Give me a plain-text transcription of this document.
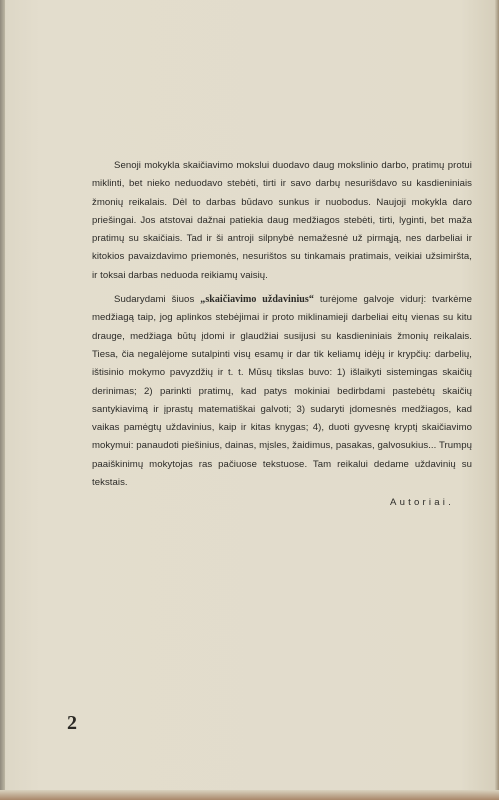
Senoji mokykla skaičiavimo mokslui duodavo daug mokslinio darbo, pratimų protui miklinti, bet nieko neduodavo stebėti, tirti ir savo darbų nesurišdavo su kasdieniniais žmonių reikalais. Dėl to darbas būdavo sunkus ir nuobodus. Naujoji mokykla daro priešingai. Jos atstovai dažnai patiekia daug medžiagos stebėti, tirti, lyginti, bet maža pratimų su skaičiais. Tad ir ši antroji silpnybė nemažesnė už pirmąją, nes darbeliai ir kitokios pavaizdavimo priemonės, nesurištos su tinkamais pratimais, veikiai užsimiršta, ir toksai darbas neduoda reikiamų vaisių.

Sudarydami šiuos „skaičiavimo uždavinius“ turėjome galvoje vidurį: tvarkėme medžiagą taip, jog aplinkos stebėjimai ir proto miklinamieji darbeliai eitų vienas su kitu drauge, medžiaga būtų įdomi ir glaudžiai susijusi su kasdieniniais žmonių reikalais. Tiesa, čia negalėjome sutalpinti visų esamų ir dar tik keliamų idėjų ir krypčių: darbelių, ištisinio mokymo pavyzdžių ir t. t. Mūsų tikslas buvo: 1) išlaikyti sistemingas skaičių derinimas; 2) parinkti pratimų, kad patys mokiniai bedirbdami pastebėtų skaičių santykiavimą ir įprastų matematiškai galvoti; 3) sudaryti įdomesnės medžiagos, kad vaikas pamėgtų uždavinius, kaip ir kitas knygas; 4), duoti gyvesnę kryptį skaičiavimo mokymui: panaudoti piešinius, dainas, mįsles, žaidimus, pasakas, galvosukius... Trumpų paaiškinimų mokytojas ras pačiuose tekstuose. Tam reikalui dedame uždavinių su tekstais.

Autoriai.
2
